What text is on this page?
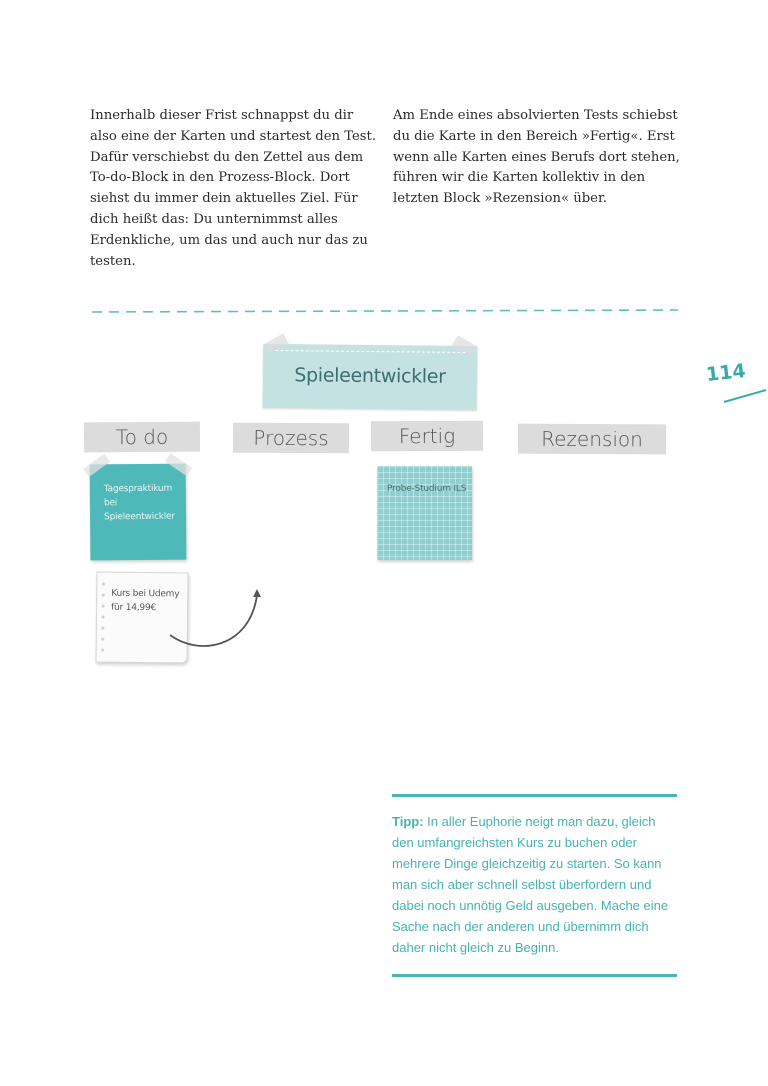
Innerhalb dieser Frist schnappst du dir also eine der Karten und startest den Test. Dafür verschiebst du den Zettel aus dem To-do-Block in den Prozess-Block. Dort siehst du immer dein aktuelles Ziel. Für dich heißt das: Du unternimmst alles Erdenkliche, um das und auch nur das zu testen.
Am Ende eines absolvierten Tests schiebst du die Karte in den Bereich »Fertig«. Erst wenn alle Karten eines Berufs dort stehen, führen wir die Karten kollektiv in den letzten Block »Rezension« über.
114
Spieleentwickler
To do	Prozess	Fertig	Rezension
Tagespraktikum bei Spieleentwickler
Probe-Studium ILS
Kurs bei Udemy für 14,99€
Tipp: In aller Euphorie neigt man dazu, gleich den umfangreichsten Kurs zu buchen oder mehrere Dinge gleichzeitig zu starten. So kann man sich aber schnell selbst überfordern und dabei noch unnötig Geld ausgeben. Mache eine Sache nach der anderen und übernimm dich daher nicht gleich zu Beginn.
